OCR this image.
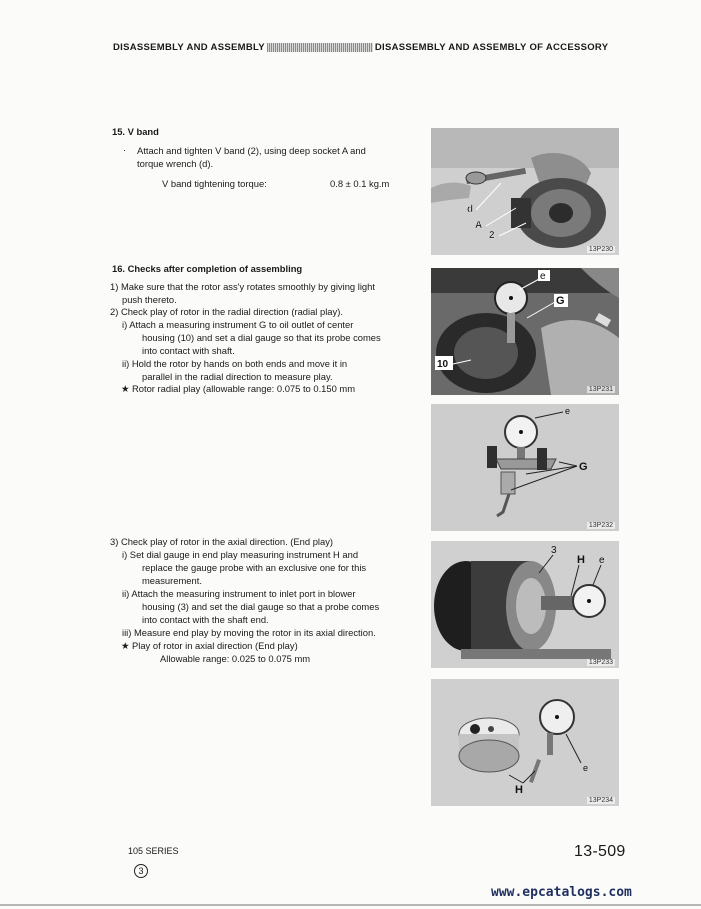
DISASSEMBLY AND ASSEMBLY	DISASSEMBLY AND ASSEMBLY OF ACCESSORY
15. V band
· Attach and tighten V band (2), using deep socket A and
torque wrench (d).
V band tightening torque:	0.8 ± 0.1 kg.m
16. Checks after completion of assembling
1) Make sure that the rotor ass'y rotates smoothly by giving light
push thereto.
2) Check play of rotor in the radial direction (radial play).
i) Attach a measuring instrument G to oil outlet of center
housing (10) and set a dial gauge so that its probe comes
into contact with shaft.
ii) Hold the rotor by hands on both ends and move it in
parallel in the radial direction to measure play.
★ Rotor radial play (allowable range: 0.075 to 0.150 mm
3) Check play of rotor in the axial direction. (End play)
i) Set dial gauge in end play measuring instrument H and
replace the gauge probe with an exclusive one for this
measurement.
ii) Attach the measuring instrument to inlet port in blower
housing (3) and set the dial gauge so that a probe comes
into contact with the shaft end.
iii) Measure end play by moving the rotor in its axial direction.
★ Play of rotor in axial direction (End play)
Allowable range: 0.025 to 0.075 mm
d
A
2
13P230
e
G
10
13P231
e
G
13P232
3
H e
13P233
e
H
13P234
105 SERIES
3
13-509
www.epcatalogs.com
